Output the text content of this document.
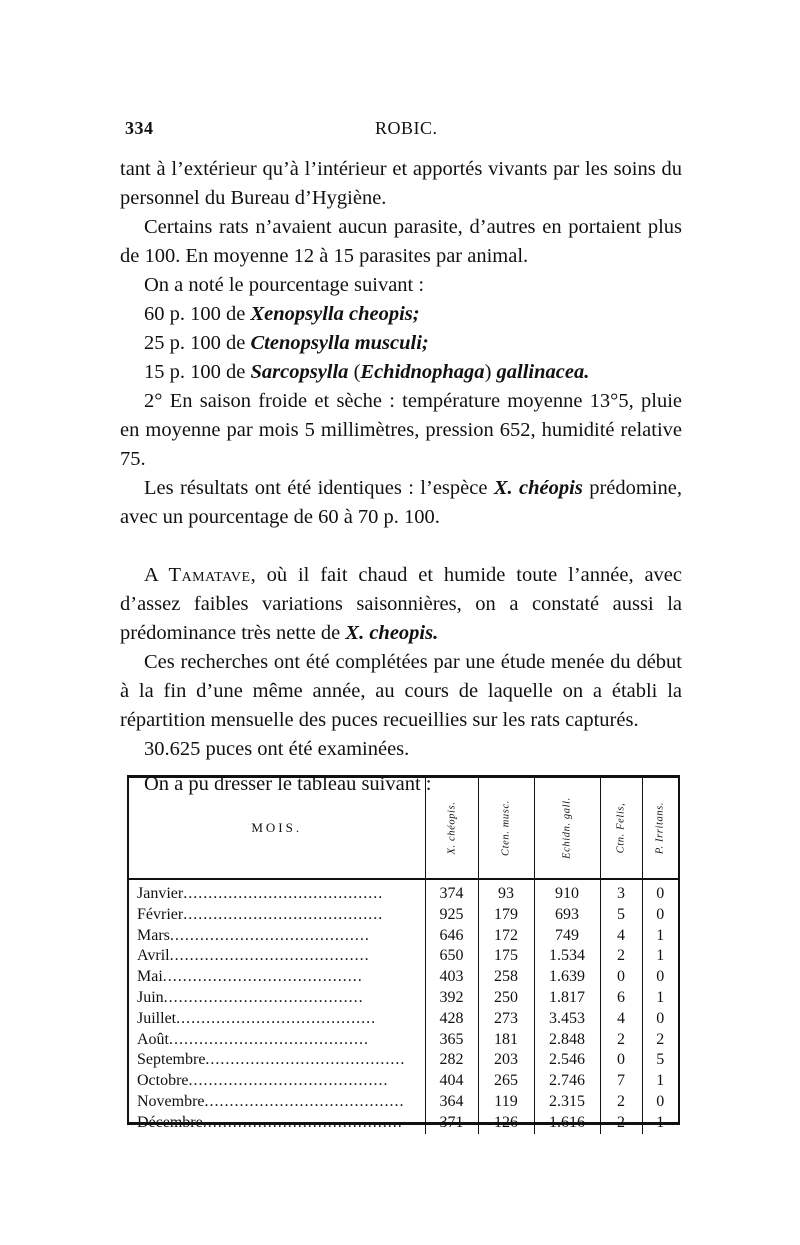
334	ROBIC.

tant à l’extérieur qu’à l’intérieur et apportés vivants par les soins du personnel du Bureau d’Hygiène.

Certains rats n’avaient aucun parasite, d’autres en portaient plus de 100. En moyenne 12 à 15 parasites par animal.

On a noté le pourcentage suivant :

60 p. 100 de Xenopsylla cheopis;

25 p. 100 de Ctenopsylla musculi;

15 p. 100 de Sarcopsylla (Echidnophaga) gallinacea.

2° En saison froide et sèche : température moyenne 13°5, pluie en moyenne par mois 5 millimètres, pression 652, humidité relative 75.

Les résultats ont été identiques : l’espèce X. chéopis prédomine, avec un pourcentage de 60 à 70 p. 100.

A Tamatave, où il fait chaud et humide toute l’année, avec d’assez faibles variations saisonnières, on a constaté aussi la prédominance très nette de X. cheopis.

Ces recherches ont été complétées par une étude menée du début à la fin d’une même année, au cours de laquelle on a établi la répartition mensuelle des puces recueillies sur les rats capturés.

30.625 puces ont été examinées.

On a pu dresser le tableau suivant :

MOIS.	X. chéopis.	Cten. musc.	Echidn. gall.	Ctn. Felis,	P. Irritans.

Janvier........................................	374	93	910	3	0
Février........................................	925	179	693	5	0
Mars........................................	646	172	749	4	1
Avril........................................	650	175	1.534	2	1
Mai........................................	403	258	1.639	0	0
Juin........................................	392	250	1.817	6	1
Juillet........................................	428	273	3.453	4	0
Août........................................	365	181	2.848	2	2
Septembre........................................	282	203	2.546	0	5
Octobre........................................	404	265	2.746	7	1
Novembre........................................	364	119	2.315	2	0
Décembre........................................	371	126	1.616	2	1
